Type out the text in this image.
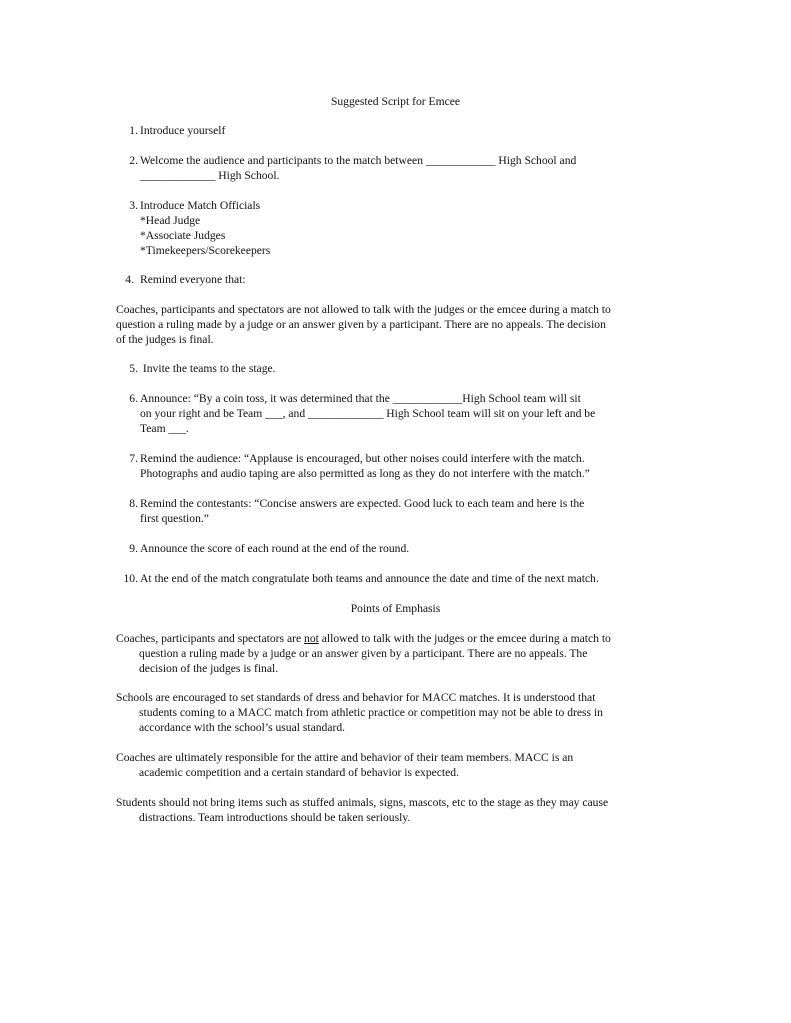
Suggested Script for Emcee
1. Introduce yourself
2. Welcome the audience and participants to the match between ____________ High School and
_____________ High School.
3. Introduce Match Officials
*Head Judge
*Associate Judges
*Timekeepers/Scorekeepers
4. Remind everyone that:
Coaches, participants and spectators are not allowed to talk with the judges or the emcee during a match to
question a ruling made by a judge or an answer given by a participant. There are no appeals. The decision
of the judges is final.
5. Invite the teams to the stage.
6. Announce: “By a coin toss, it was determined that the ____________High School team will sit
on your right and be Team ___, and _____________ High School team will sit on your left and be
Team ___.
7. Remind the audience: “Applause is encouraged, but other noises could interfere with the match.
Photographs and audio taping are also permitted as long as they do not interfere with the match.”
8. Remind the contestants: “Concise answers are expected. Good luck to each team and here is the
first question.”
9. Announce the score of each round at the end of the round.
10. At the end of the match congratulate both teams and announce the date and time of the next match.
Points of Emphasis
Coaches, participants and spectators are not allowed to talk with the judges or the emcee during a match to
question a ruling made by a judge or an answer given by a participant. There are no appeals. The
decision of the judges is final.
Schools are encouraged to set standards of dress and behavior for MACC matches. It is understood that
students coming to a MACC match from athletic practice or competition may not be able to dress in
accordance with the school’s usual standard.
Coaches are ultimately responsible for the attire and behavior of their team members. MACC is an
academic competition and a certain standard of behavior is expected.
Students should not bring items such as stuffed animals, signs, mascots, etc to the stage as they may cause
distractions. Team introductions should be taken seriously.
